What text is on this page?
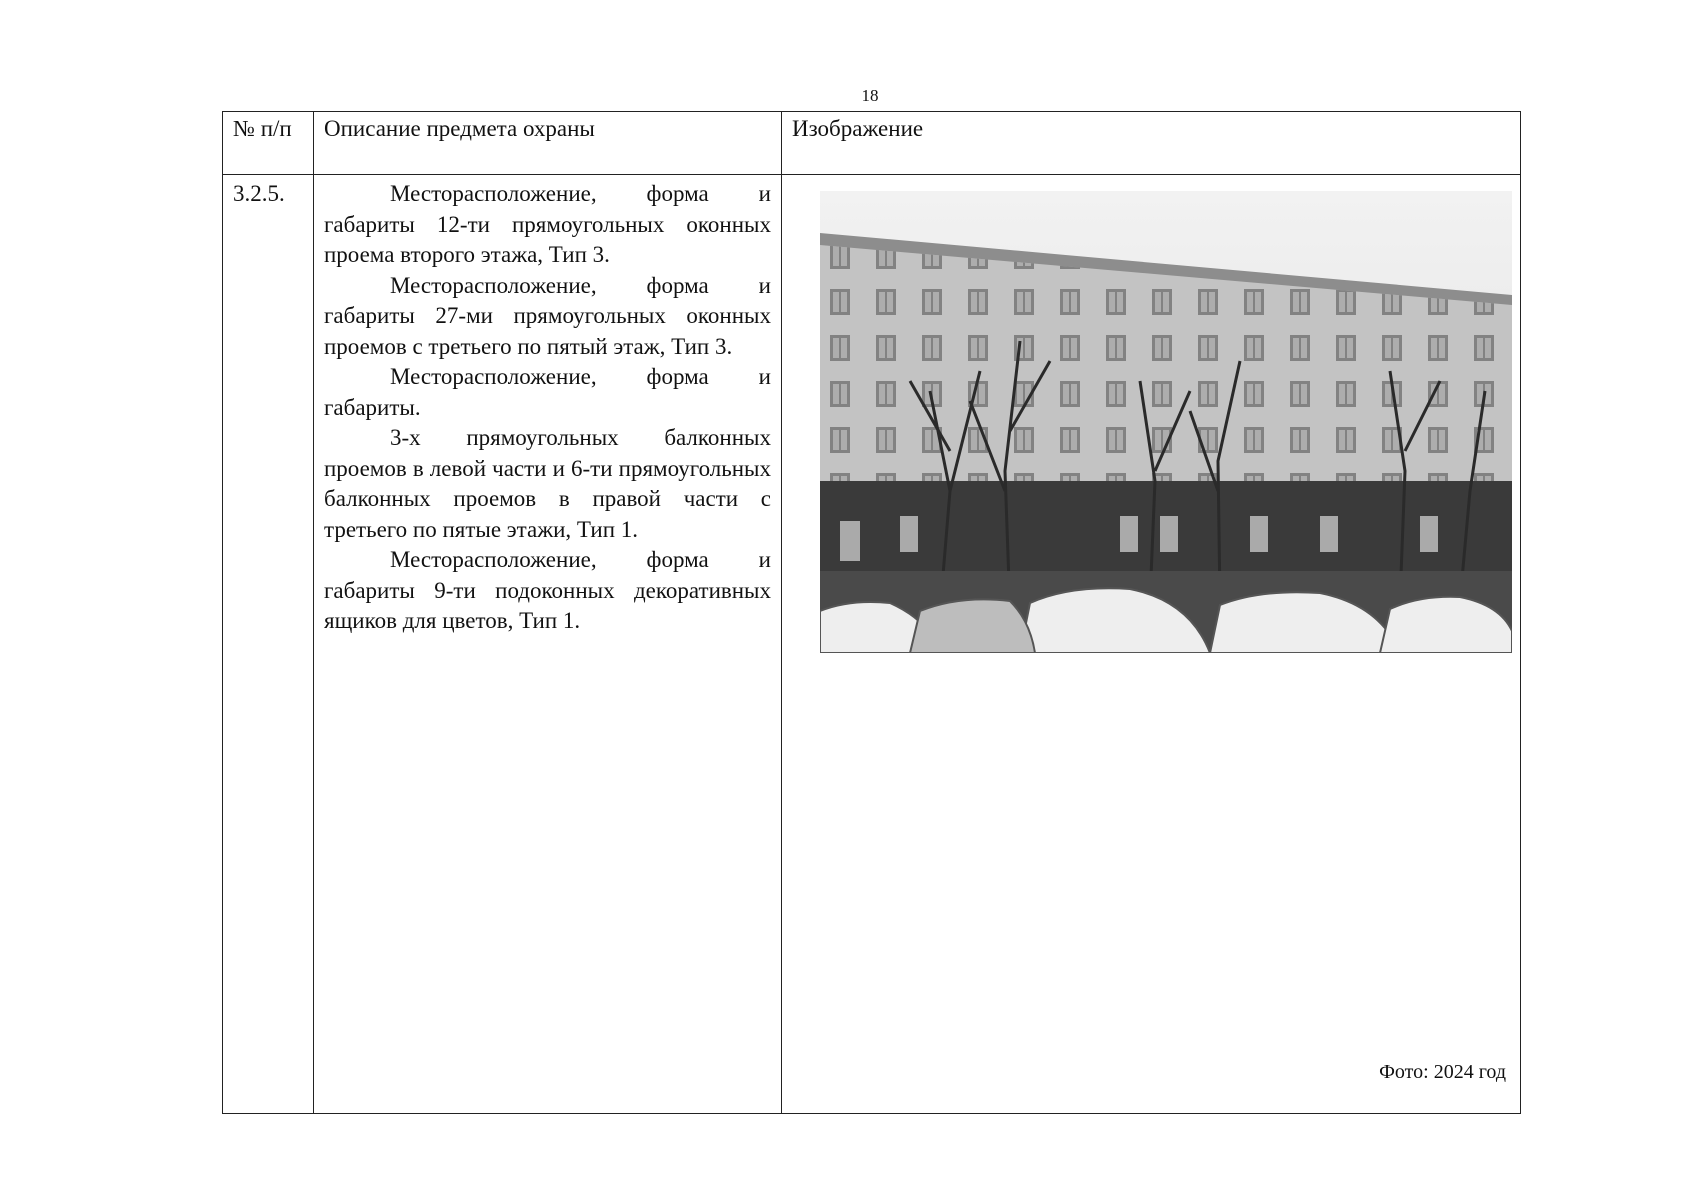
18
№ п/п	Описание предмета охраны	Изображение
3.2.5.	Месторасположение, форма и габариты 12-ти прямоугольных оконных проема второго этажа, Тип 3.

Месторасположение, форма и габариты 27-ми прямоугольных оконных проемов с третьего по пятый этаж, Тип 3.

Месторасположение, форма и габариты.

3-х прямоугольных балконных проемов в левой части и 6-ти прямоугольных балконных проемов в правой части с третьего по пятые этажи, Тип 1.

Месторасположение, форма и габариты 9-ти подоконных декоративных ящиков для цветов, Тип 1.	Фото: 2024 год
